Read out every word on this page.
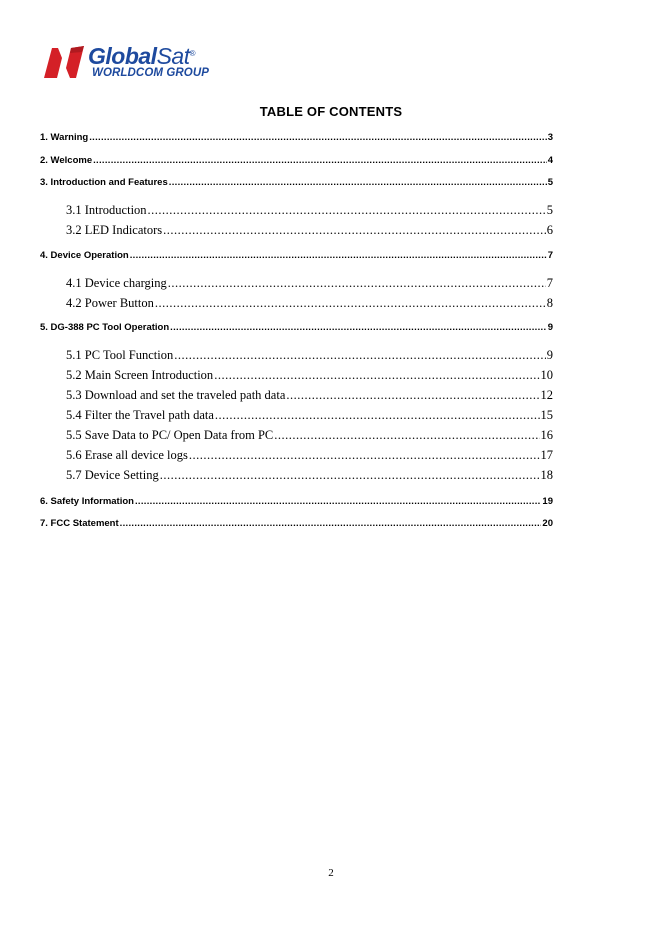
GlobalSat®
WORLDCOM GROUP
TABLE OF CONTENTS
1. Warning .....	3
2. Welcome .....	4
3. Introduction and Features .....	5
3.1 Introduction .....	5
3.2 LED Indicators .....	6
4. Device Operation .....	7
4.1 Device charging .....	7
4.2 Power Button .....	8
5. DG-388 PC Tool Operation .....	9
5.1 PC Tool Function .....	9
5.2 Main Screen Introduction .....	10
5.3 Download and set the traveled path data .....	12
5.4 Filter the Travel path data .....	15
5.5 Save Data to PC/ Open Data from PC .....	16
5.6 Erase all device logs .....	17
5.7 Device Setting .....	18
6. Safety Information .....	19
7. FCC Statement .....	20
2
